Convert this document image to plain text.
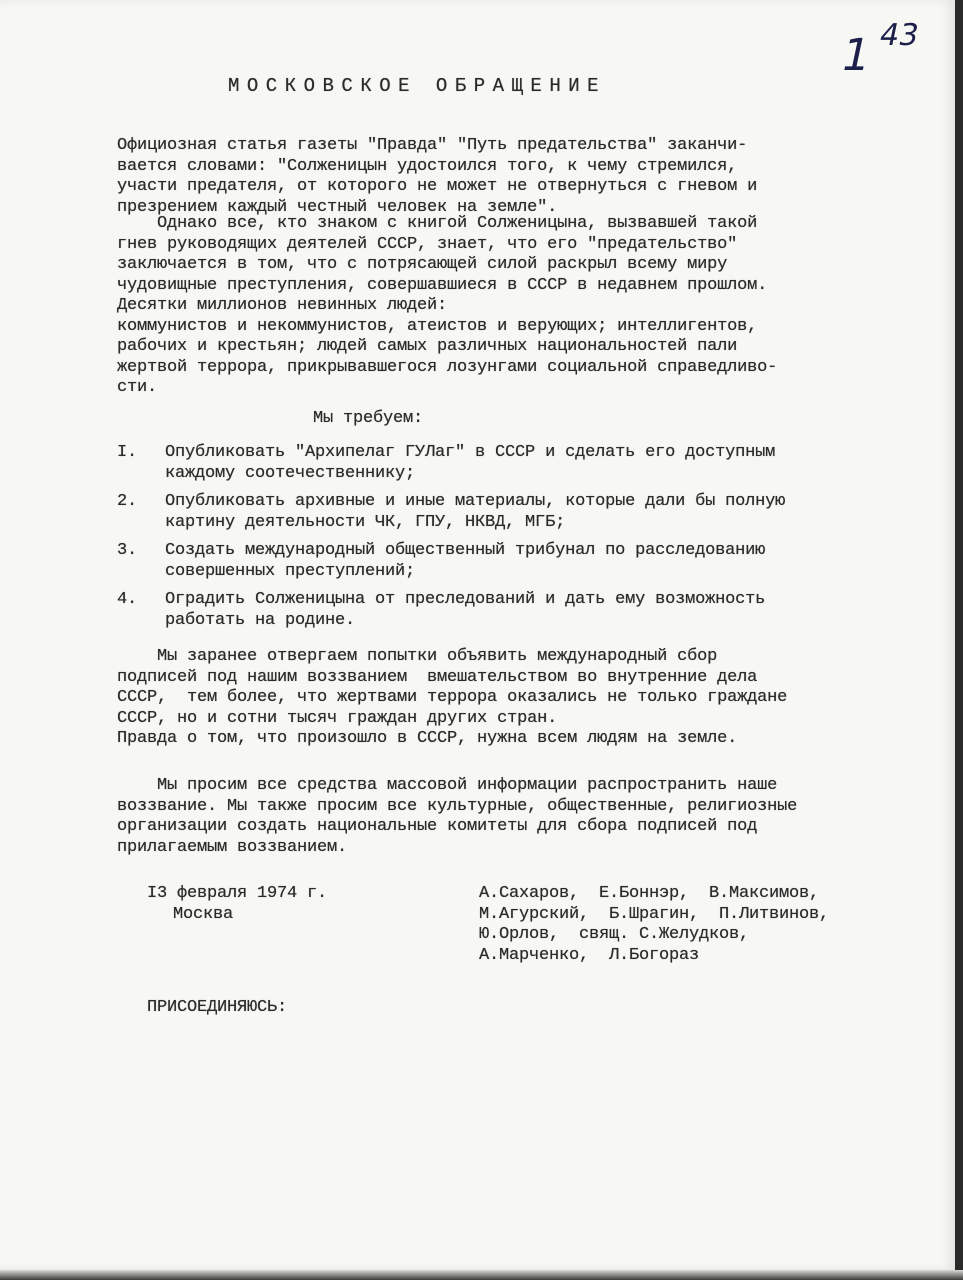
1 43
МОСКОВСКОЕ ОБРАЩЕНИЕ

Официозная статья газеты "Правда" "Путь предательства" заканчи-
вается словами: "Солженицын удостоился того, к чему стремился,
участи предателя, от которого не может не отвернуться с гневом и
презрением каждый честный человек на земле".

Однако все, кто знаком с книгой Солженицына, вызвавшей такой
гнев руководящих деятелей СССР, знает, что его "предательство"
заключается в том, что с потрясающей силой раскрыл всему миру
чудовищные преступления, совершавшиеся в СССР в недавнем прошлом.
Десятки миллионов невинных людей:
коммунистов и некоммунистов, атеистов и верующих; интеллигентов,
рабочих и крестьян; людей самых различных национальностей пали
жертвой террора, прикрывавшегося лозунгами социальной справедливо-
сти.

Мы требуем:

I.

Опубликовать "Архипелаг ГУЛаг" в СССР и сделать его доступным
каждому соотечественнику;

2.

Опубликовать архивные и иные материалы, которые дали бы полную
картину деятельности ЧК, ГПУ, НКВД, МГБ;

3.

Создать международный общественный трибунал по расследованию
совершенных преступлений;

4.

Оградить Солженицына от преследований и дать ему возможность
работать на родине.

Мы заранее отвергаем попытки объявить международный сбор
подписей под нашим воззванием  вмешательством во внутренние дела
СССР,  тем более, что жертвами террора оказались не только граждане
СССР, но и сотни тысяч граждан других стран.
Правда о том, что произошло в СССР, нужна всем людям на земле.

Мы просим все средства массовой информации распространить наше
воззвание. Мы также просим все культурные, общественные, религиозные
организации создать национальные комитеты для сбора подписей под
прилагаемым воззванием.

I3 февраля 1974 г.
Москва

А.Сахаров,  Е.Боннэр,  В.Максимов,
М.Агурский,  Б.Шрагин,  П.Литвинов,
Ю.Орлов,  свящ. С.Желудков,
А.Марченко,  Л.Богораз

ПРИСОЕДИНЯЮСЬ:
